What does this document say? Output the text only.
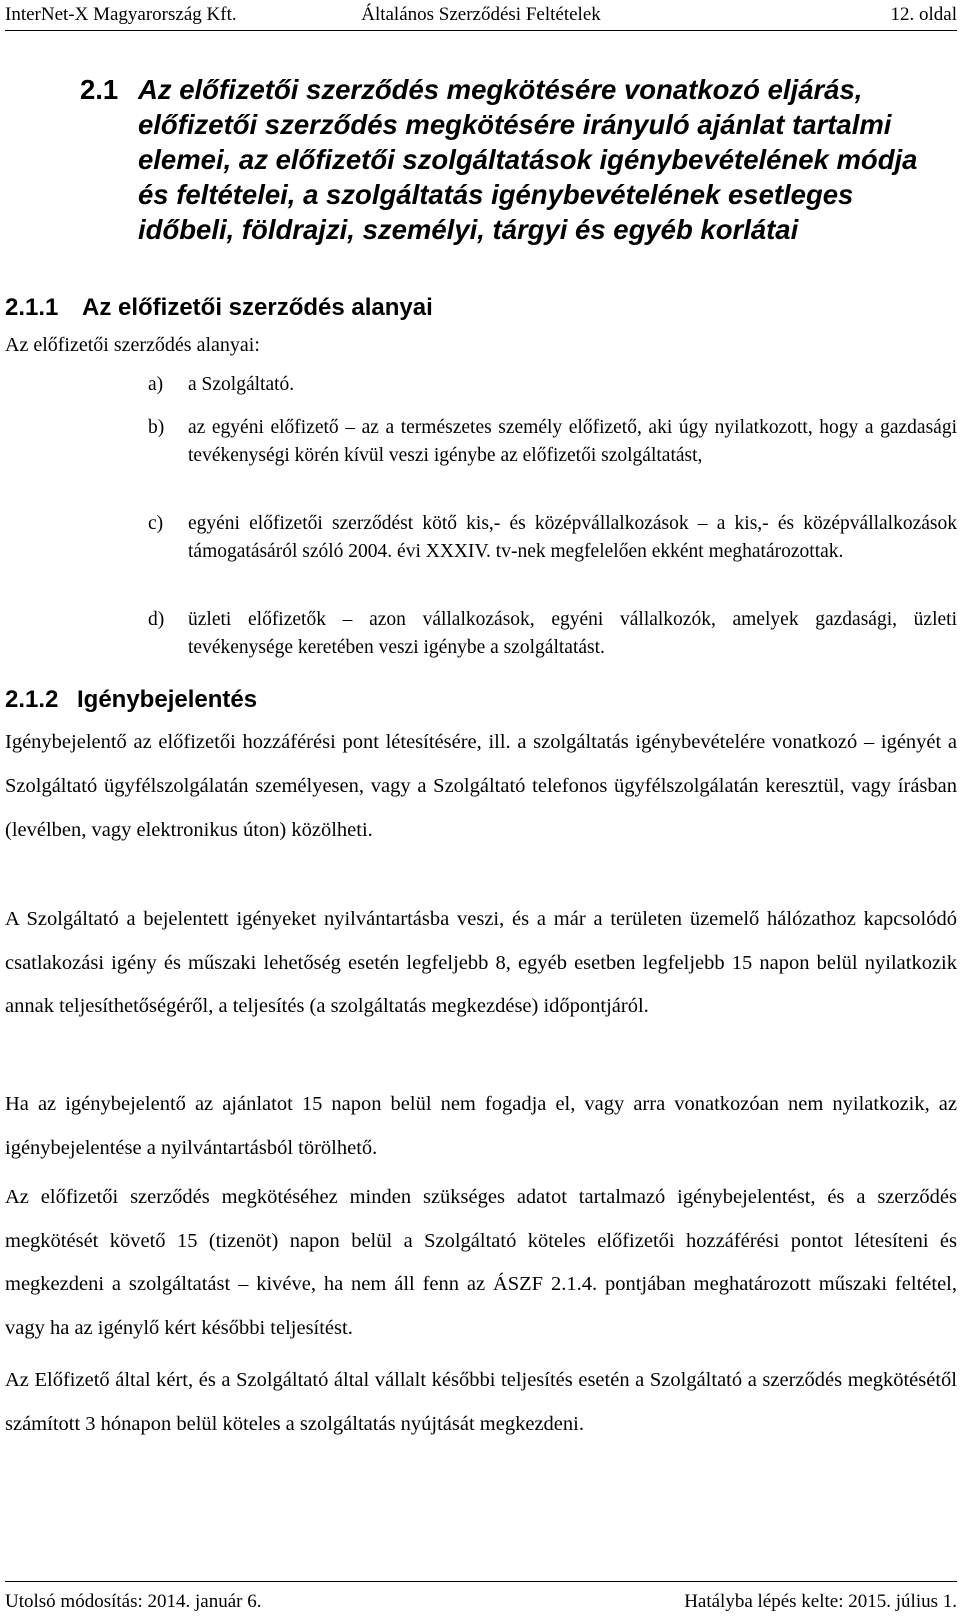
InterNet-X Magyarország Kft.	Általános Szerződési Feltételek	12. oldal
2.1 Az előfizetői szerződés megkötésére vonatkozó eljárás, előfizetői szerződés megkötésére irányuló ajánlat tartalmi elemei, az előfizetői szolgáltatások igénybevételének módja és feltételei, a szolgáltatás igénybevételének esetleges időbeli, földrajzi, személyi, tárgyi és egyéb korlátai
2.1.1 Az előfizetői szerződés alanyai
Az előfizetői szerződés alanyai:
a) a Szolgáltató.
b) az egyéni előfizető – az a természetes személy előfizető, aki úgy nyilatkozott, hogy a gazdasági tevékenységi körén kívül veszi igénybe az előfizetői szolgáltatást,
c) egyéni előfizetői szerződést kötő kis,- és középvállalkozások – a kis,- és középvállalkozások támogatásáról szóló 2004. évi XXXIV. tv-nek megfelelően ekként meghatározottak.
d) üzleti előfizetők – azon vállalkozások, egyéni vállalkozók, amelyek gazdasági, üzleti tevékenysége keretében veszi igénybe a szolgáltatást.
2.1.2 Igénybejelentés
Igénybejelentő az előfizetői hozzáférési pont létesítésére, ill. a szolgáltatás igénybevételére vonatkozó – igényét a Szolgáltató ügyfélszolgálatán személyesen, vagy a Szolgáltató telefonos ügyfélszolgálatán keresztül, vagy írásban (levélben, vagy elektronikus úton) közölheti.
A Szolgáltató a bejelentett igényeket nyilvántartásba veszi, és a már a területen üzemelő hálózathoz kapcsolódó csatlakozási igény és műszaki lehetőség esetén legfeljebb 8, egyéb esetben legfeljebb 15 napon belül nyilatkozik annak teljesíthetőségéről, a teljesítés (a szolgáltatás megkezdése) időpontjáról.
Ha az igénybejelentő az ajánlatot 15 napon belül nem fogadja el, vagy arra vonatkozóan nem nyilatkozik, az igénybejelentése a nyilvántartásból törölhető.
Az előfizetői szerződés megkötéséhez minden szükséges adatot tartalmazó igénybejelentést, és a szerződés megkötését követő 15 (tizenöt) napon belül a Szolgáltató köteles előfizetői hozzáférési pontot létesíteni és megkezdeni a szolgáltatást – kivéve, ha nem áll fenn az ÁSZF 2.1.4. pontjában meghatározott műszaki feltétel, vagy ha az igénylő kért későbbi teljesítést.
Az Előfizető által kért, és a Szolgáltató által vállalt későbbi teljesítés esetén a Szolgáltató a szerződés megkötésétől számított 3 hónapon belül köteles a szolgáltatás nyújtását megkezdeni.
Utolsó módosítás: 2014. január 6.	Hatályba lépés kelte: 2015. július 1.
